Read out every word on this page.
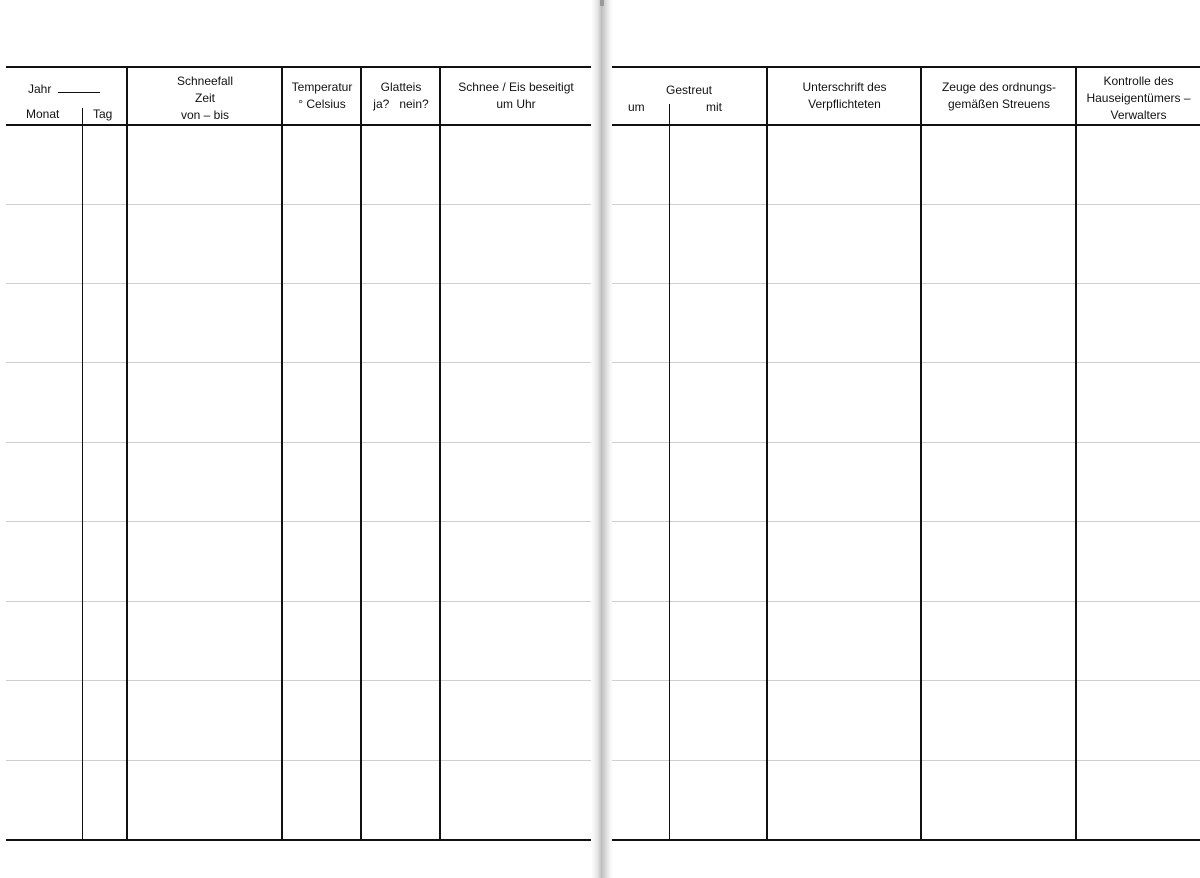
Jahr
Monat	Tag
Schneefall
Zeit
von – bis
Temperatur
° Celsius
Glatteis
ja?   nein?
Schnee / Eis beseitigt
um Uhr
Gestreut
um	mit
Unterschrift des
Verpflichteten
Zeuge des ordnungs-
gemäßen Streuens
Kontrolle des
Hauseigentümers –
Verwalters
